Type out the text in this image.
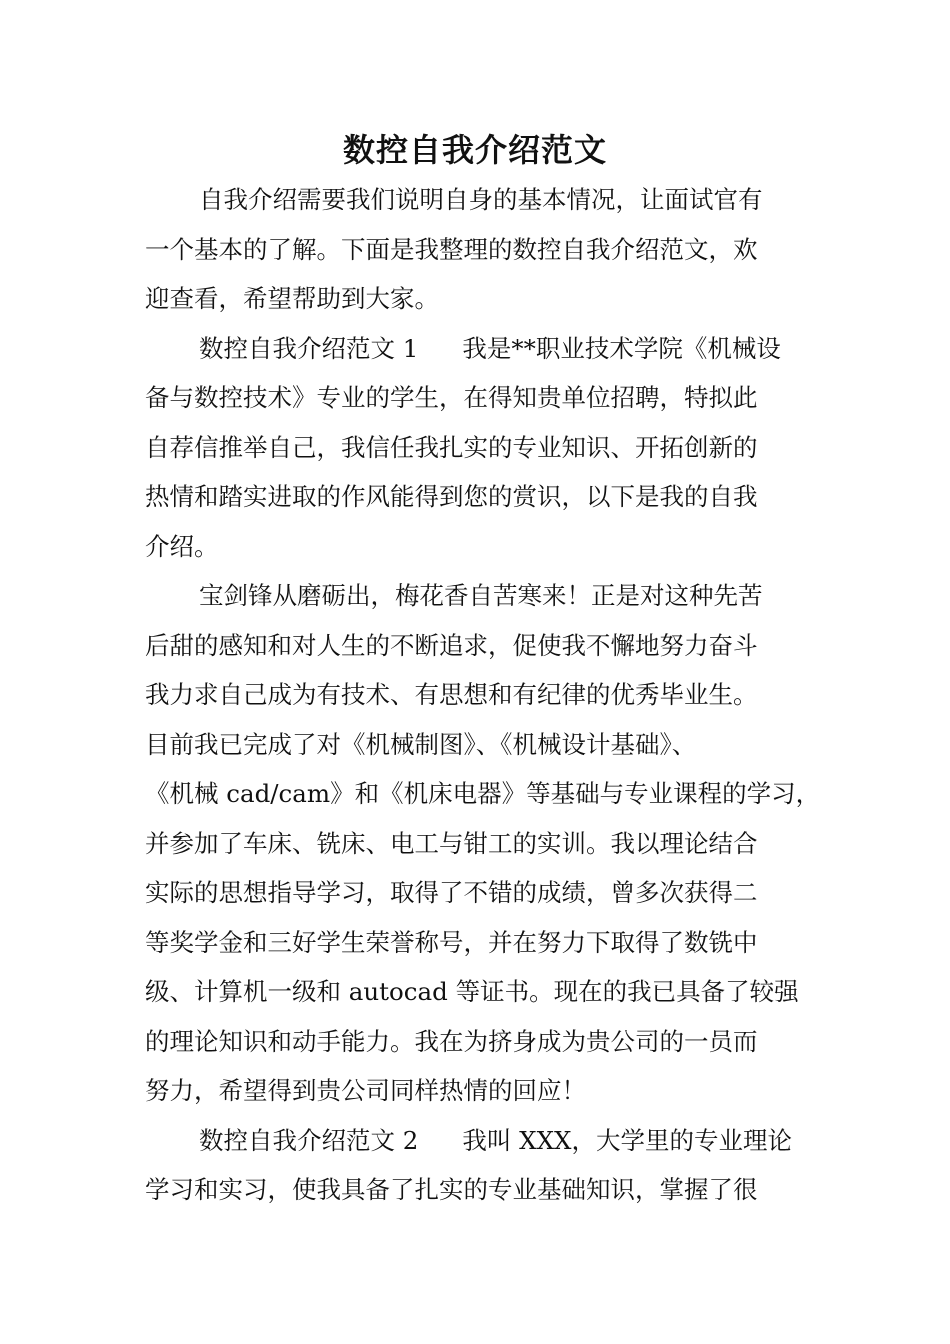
数控自我介绍范文
自我介绍需要我们说明自身的基本情况，让面试官有
一个基本的了解。下面是我整理的数控自我介绍范文，欢
迎查看，希望帮助到大家。
数控自我介绍范文 1 我是**职业技术学院《机械设
备与数控技术》专业的学生，在得知贵单位招聘，特拟此
自荐信推举自己，我信任我扎实的专业知识、开拓创新的
热情和踏实进取的作风能得到您的赏识，以下是我的自我
介绍。
宝剑锋从磨砺出，梅花香自苦寒来！正是对这种先苦
后甜的感知和对人生的不断追求，促使我不懈地努力奋斗
我力求自己成为有技术、有思想和有纪律的优秀毕业生。
目前我已完成了对《机械制图》、《机械设计基础》、
《机械 cad/cam》和《机床电器》等基础与专业课程的学习，
并参加了车床、铣床、电工与钳工的实训。我以理论结合
实际的思想指导学习，取得了不错的成绩，曾多次获得二
等奖学金和三好学生荣誉称号，并在努力下取得了数铣中
级、计算机一级和 autocad 等证书。现在的我已具备了较强
的理论知识和动手能力。我在为挤身成为贵公司的一员而
努力，希望得到贵公司同样热情的回应！
数控自我介绍范文 2 我叫 XXX，大学里的专业理论
学习和实习，使我具备了扎实的专业基础知识，掌握了很
